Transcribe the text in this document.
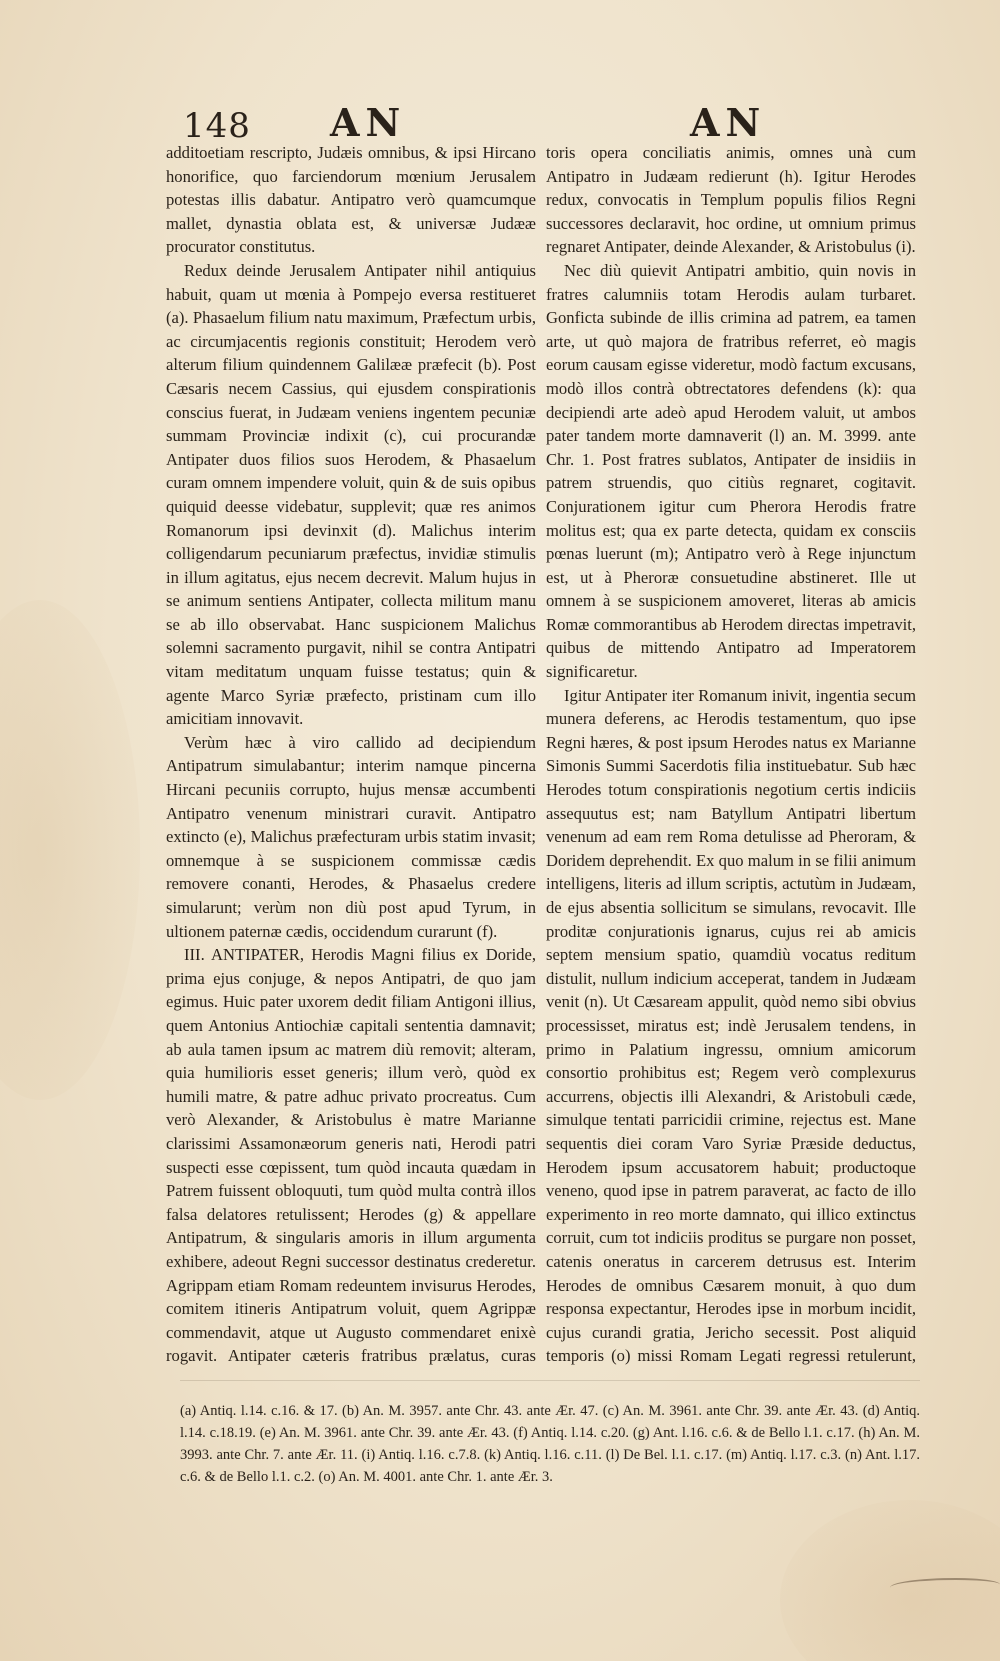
148 AN	AN

additoetiam rescripto, Judæis omnibus, & ipsi Hircano honorifice, quo farciendorum mœnium Jerusalem potestas illis dabatur. Antipatro verò quamcumque mallet, dynastia oblata est, & universæ Judææ procurator constitutus.

Redux deinde Jerusalem Antipater nihil antiquius habuit, quam ut mœnia à Pompejo eversa restitueret (a). Phasaelum filium natu maximum, Præfectum urbis, ac circumjacentis regionis constituit; Herodem verò alterum filium quindennem Galilææ præfecit (b). Post Cæsaris necem Cassius, qui ejusdem conspirationis conscius fuerat, in Judæam veniens ingentem pecuniæ summam Provinciæ indixit (c), cui procurandæ Antipater duos filios suos Herodem, & Phasaelum curam omnem impendere voluit, quin & de suis opibus quiquid deesse videbatur, supplevit; quæ res animos Romanorum ipsi devinxit (d). Malichus interim colligendarum pecuniarum præfectus, invidiæ stimulis in illum agitatus, ejus necem decrevit. Malum hujus in se animum sentiens Antipater, collecta militum manu se ab illo observabat. Hanc suspicionem Malichus solemni sacramento purgavit, nihil se contra Antipatri vitam meditatum unquam fuisse testatus; quin & agente Marco Syriæ præfecto, pristinam cum illo amicitiam innovavit.

Verùm hæc à viro callido ad decipiendum Antipatrum simulabantur; interim namque pincerna Hircani pecuniis corrupto, hujus mensæ accumbenti Antipatro venenum ministrari curavit. Antipatro extincto (e), Malichus præfecturam urbis statim invasit; omnemque à se suspicionem commissæ cædis removere conanti, Herodes, & Phasaelus credere simularunt; verùm non diù post apud Tyrum, in ultionem paternæ cædis, occidendum curarunt (f).

III. ANTIPATER, Herodis Magni filius ex Doride, prima ejus conjuge, & nepos Antipatri, de quo jam egimus. Huic pater uxorem dedit filiam Antigoni illius, quem Antonius Antiochiæ capitali sententia damnavit; ab aula tamen ipsum ac matrem diù removit; alteram, quia humilioris esset generis; illum verò, quòd ex humili matre, & patre adhuc privato procreatus. Cum verò Alexander, & Aristobulus è matre Marianne clarissimi Assamonæorum generis nati, Herodi patri suspecti esse cœpissent, tum quòd incauta quædam in Patrem fuissent obloquuti, tum quòd multa contrà illos falsa delatores retulissent; Herodes (g) & appellare Antipatrum, & singularis amoris in illum argumenta exhibere, adeout Regni successor destinatus crederetur. Agrippam etiam Romam redeuntem invisurus Herodes, comitem itineris Antipatrum voluit, quem Agrippæ commendavit, atque ut Augusto commendaret enixè rogavit. Antipater cæteris fratribus prælatus, curas

toris opera conciliatis animis, omnes unà cum Antipatro in Judæam redierunt (h). Igitur Herodes redux, convocatis in Templum populis filios Regni successores declaravit, hoc ordine, ut omnium primus regnaret Antipater, deinde Alexander, & Aristobulus (i).

Nec diù quievit Antipatri ambitio, quin novis in fratres calumniis totam Herodis aulam turbaret. Gonficta subinde de illis crimina ad patrem, ea tamen arte, ut quò majora de fratribus referret, eò magis eorum causam egisse videretur, modò factum excusans, modò illos contrà obtrectatores defendens (k): qua decipiendi arte adeò apud Herodem valuit, ut ambos pater tandem morte damnaverit (l) an. M. 3999. ante Chr. 1. Post fratres sublatos, Antipater de insidiis in patrem struendis, quo citiùs regnaret, cogitavit. Conjurationem igitur cum Pherora Herodis fratre molitus est; qua ex parte detecta, quidam ex consciis pœnas luerunt (m); Antipatro verò à Rege injunctum est, ut à Pheroræ consuetudine abstineret. Ille ut omnem à se suspicionem amoveret, literas ab amicis Romæ commorantibus ab Herodem directas impetravit, quibus de mittendo Antipatro ad Imperatorem significaretur.

Igitur Antipater iter Romanum inivit, ingentia secum munera deferens, ac Herodis testamentum, quo ipse Regni hæres, & post ipsum Herodes natus ex Marianne Simonis Summi Sacerdotis filia instituebatur. Sub hæc Herodes totum conspirationis negotium certis indiciis assequutus est; nam Batyllum Antipatri libertum venenum ad eam rem Roma detulisse ad Pheroram, & Doridem deprehendit. Ex quo malum in se filii animum intelligens, literis ad illum scriptis, actutùm in Judæam, de ejus absentia sollicitum se simulans, revocavit. Ille proditæ conjurationis ignarus, cujus rei ab amicis septem mensium spatio, quamdiù vocatus reditum distulit, nullum indicium acceperat, tandem in Judæam venit (n). Ut Cæsaream appulit, quòd nemo sibi obvius processisset, miratus est; indè Jerusalem tendens, in primo in Palatium ingressu, omnium amicorum consortio prohibitus est; Regem verò complexurus accurrens, objectis illi Alexandri, & Aristobuli cæde, simulque tentati parricidii crimine, rejectus est. Mane sequentis diei coram Varo Syriæ Præside deductus, Herodem ipsum accusatorem habuit; productoque veneno, quod ipse in patrem paraverat, ac facto de illo experimento in reo morte damnato, qui illico extinctus corruit, cum tot indiciis proditus se purgare non posset, catenis oneratus in carcerem detrusus est. Interim Herodes de omnibus Cæsarem monuit, à quo dum responsa expectantur, Herodes ipse in morbum incidit, cujus curandi gratia, Jericho secessit. Post aliquid temporis (o) missi Romam Legati regressi retulerunt,

(a) Antiq. l.14. c.16. & 17. (b) An. M. 3957. ante Chr. 43. ante Ær. 47. (c) An. M. 3961. ante Chr. 39. ante Ær. 43. (d) Antiq. l.14. c.18.19. (e) An. M. 3961. ante Chr. 39. ante Ær. 43. (f) Antiq. l.14. c.20. (g) Ant. l.16. c.6. & de Bello l.1. c.17. (h) An. M. 3993. ante Chr. 7. ante Ær. 11. (i) Antiq. l.16. c.7.8. (k) Antiq. l.16. c.11. (l) De Bel. l.1. c.17. (m) Antiq. l.17. c.3. (n) Ant. l.17. c.6. & de Bello l.1. c.2. (o) An. M. 4001. ante Chr. 1. ante Ær. 3.
